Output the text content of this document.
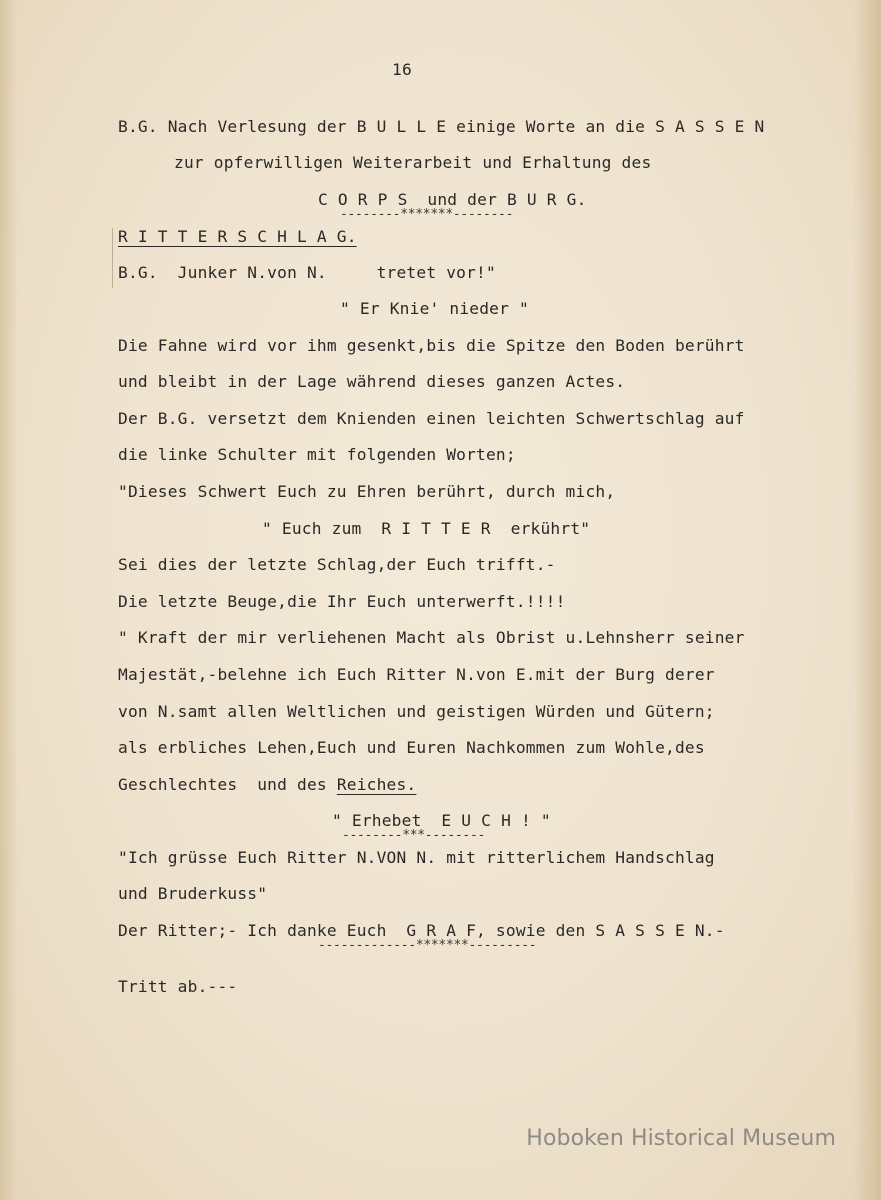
16
B.G. Nach Verlesung der B U L L E einige Worte an die S A S S E N
zur opferwilligen Weiterarbeit und Erhaltung des
C O R P S  und der B U R G.
--------*******--------
R I T T E R S C H L A G.
B.G.  Junker N.von N.     tretet vor!"
" Er Knie' nieder "
Die Fahne wird vor ihm gesenkt,bis die Spitze den Boden berührt
und bleibt in der Lage während dieses ganzen Actes.
Der B.G. versetzt dem Knienden einen leichten Schwertschlag auf
die linke Schulter mit folgenden Worten;
"Dieses Schwert Euch zu Ehren berührt, durch mich,
" Euch zum  R I T T E R  erkührt"
Sei dies der letzte Schlag,der Euch trifft.-
Die letzte Beuge,die Ihr Euch unterwerft.!!!!
" Kraft der mir verliehenen Macht als Obrist u.Lehnsherr seiner
Majestät,-belehne ich Euch Ritter N.von E.mit der Burg derer
von N.samt allen Weltlichen und geistigen Würden und Gütern;
als erbliches Lehen,Euch und Euren Nachkommen zum Wohle,des
Geschlechtes  und des Reiches.
" Erhebet  E U C H ! "
--------***--------
"Ich grüsse Euch Ritter N.VON N. mit ritterlichem Handschlag
und Bruderkuss"
Der Ritter;- Ich danke Euch  G R A F, sowie den S A S S E N.-
-------------*******---------
Tritt ab.---
Hoboken Historical Museum
